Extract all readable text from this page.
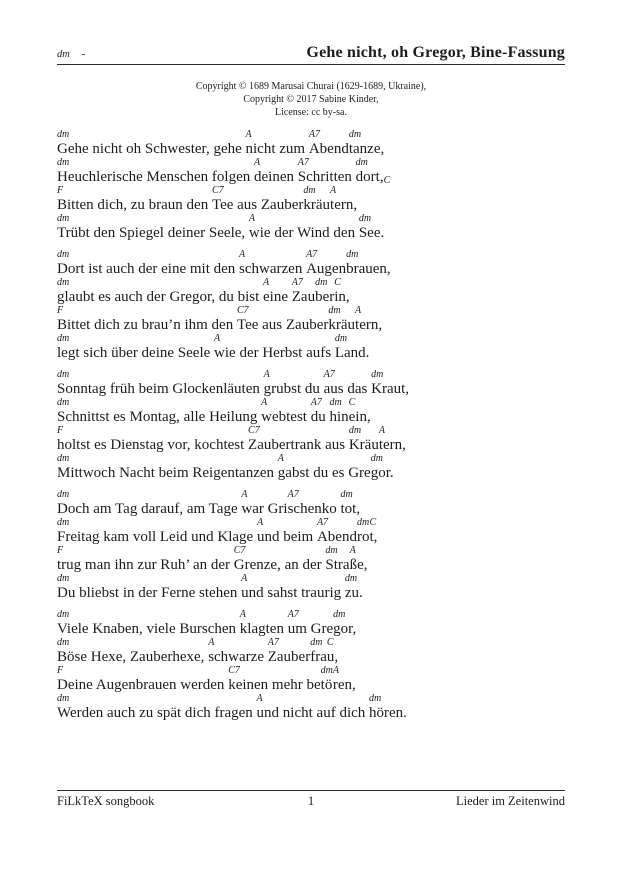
dm -	Gehe nicht, oh Gregor, Bine-Fassung
Copyright © 1689 Marusai Churai (1629-1689, Ukraine),
Copyright © 2017 Sabine Kinder,
License: cc by-sa.
dm
Gehe nicht oh Schwester, gehe
A
nicht zum
A7
Abend
dm
tanze,
dm
Heuchlerische Menschen folgen
A
deinen
A7
Schritten
dm
dort, C
F
Bitten dich, zu braun den
C7
Tee aus Zauber
dm
kräu
A
tern,
dm
Trübt den Spiegel deiner Seele,
A
wie der Wind den
dm
See.
dm
Dort ist auch der eine mit den
A
schwarzen
A7
Augen
dm
brauen,
dm
glaubt es auch der Gregor, du bist
A
eine
A7
Zau
dm
ber
C
in,
F
Bittet dich zu brau’n ihm den
C7
Tee aus Zauber
dm
kräu
A
tern,
dm
legt sich über deine Seele
A
wie der Herbst aufs
dm
Land.
dm
Sonntag früh beim Glockenläuten
A
grubst du
A7
aus das
dm
Kraut,
dm
Schnittst es Montag, alle Heilung
A
webtest
A7
du
dm
hin
C
ein,
F
holtst es Dienstag vor, kochtest
C7
Zaubertrank aus
dm
Kräu
A
tern,
dm
Mittwoch Nacht beim Reigentanzen
A
gabst du es Gre
dm
gor.
dm
Doch am Tag darauf, am Tage
A
war Gri
A7
schenko
dm
tot,
dm
Freitag kam voll Leid und Klage
A
und beim
A7
Abend
dm
ro
C
t,
F
trug man ihn zur Ruh’ an der
C7
Grenze, an der
dm
Stra
A
ße,
dm
Du bliebst in der Ferne stehen
A
und sahst traurig
dm
zu.
dm
Viele Knaben, viele Burschen
A
klagten
A7
um Gre
dm
gor,
dm
Böse Hexe, Zauberhexe,
A
schwarze
A7
Zauber
dm
fra
C
u,
F
Deine Augenbrauen werden
C7
keinen mehr be
dm
tö
A
ren,
dm
Werden auch zu spät dich fragen
A
und nicht auf dich
dm
hören.
FiLkTeX songbook	1	Lieder im Zeitenwind
